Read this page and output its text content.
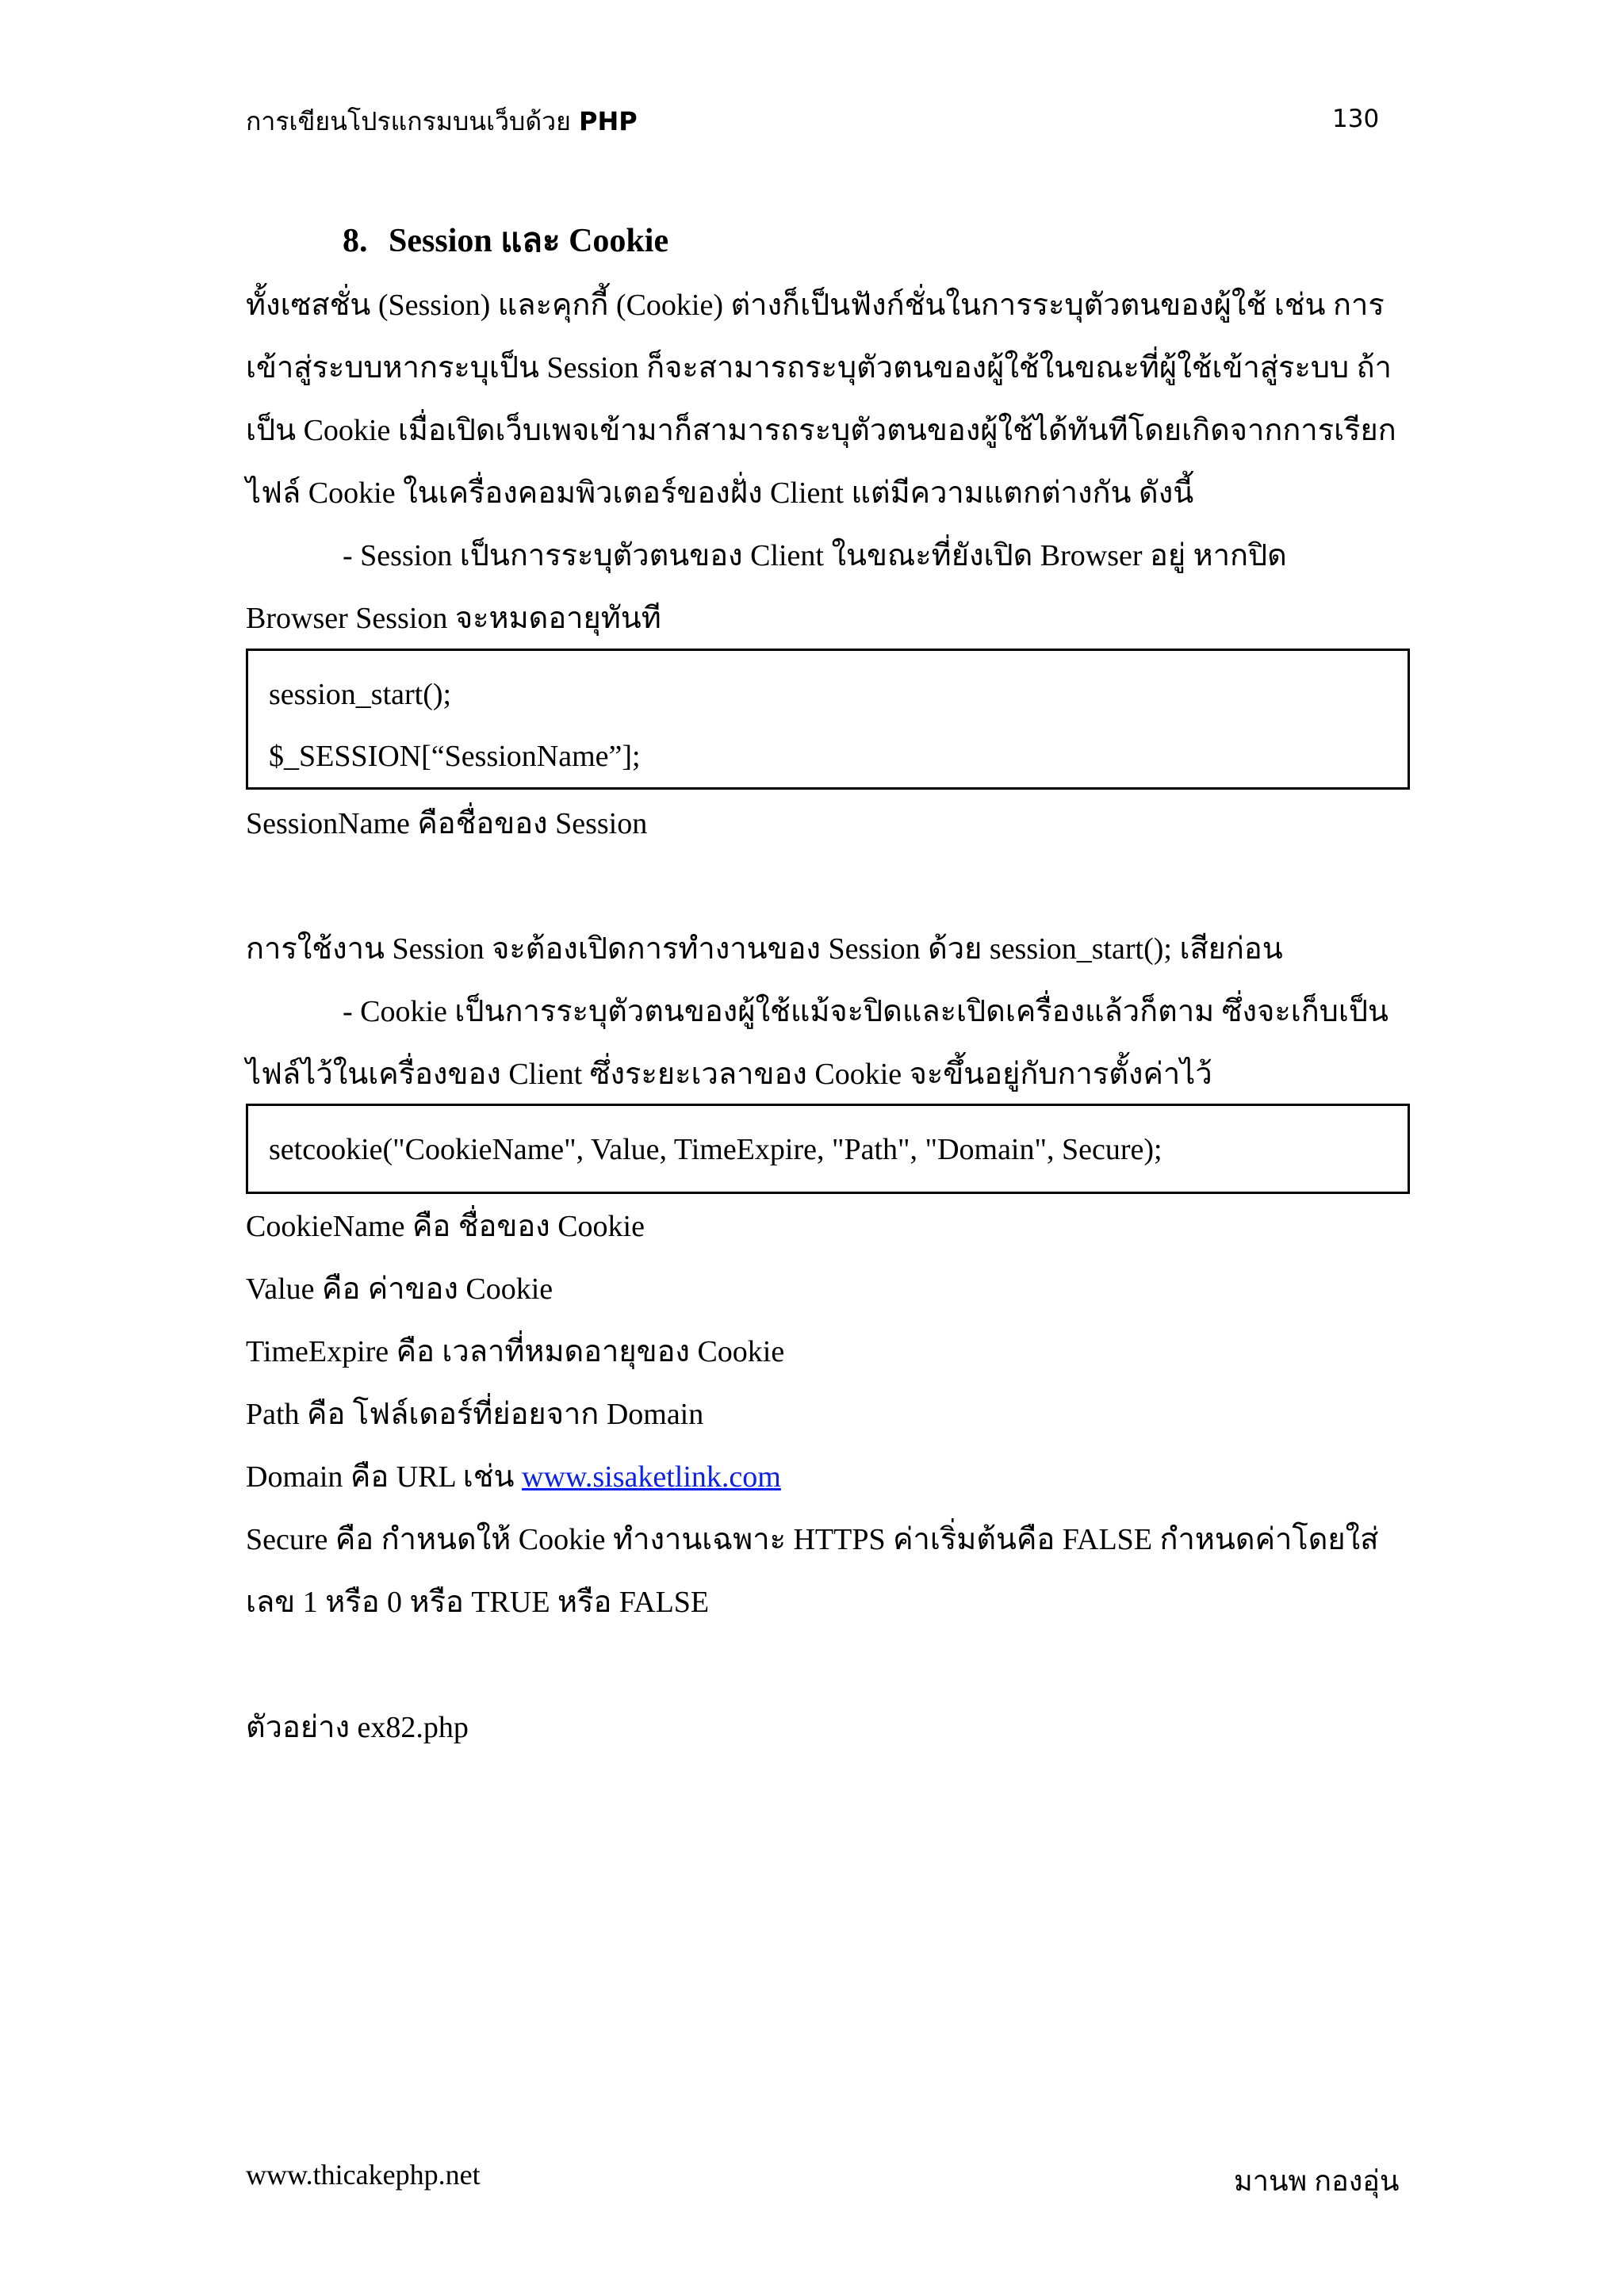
การเขียนโปรแกรมบนเว็บด้วย PHP	130
8. Session และ Cookie
ทั้งเซสชั่น (Session) และคุกกี้ (Cookie) ต่างก็เป็นฟังก์ชั่นในการระบุตัวตนของผู้ใช้ เช่น การ
เข้าสู่ระบบหากระบุเป็น Session ก็จะสามารถระบุตัวตนของผู้ใช้ในขณะที่ผู้ใช้เข้าสู่ระบบ ถ้า
เป็น Cookie เมื่อเปิดเว็บเพจเข้ามาก็สามารถระบุตัวตนของผู้ใช้ได้ทันทีโดยเกิดจากการเรียก
ไฟล์ Cookie ในเครื่องคอมพิวเตอร์ของฝั่ง Client แต่มีความแตกต่างกัน ดังนี้
- Session เป็นการระบุตัวตนของ Client ในขณะที่ยังเปิด Browser อยู่ หากปิด
Browser Session จะหมดอายุทันที
session_start();
$_SESSION[“SessionName”];
SessionName คือชื่อของ Session
การใช้งาน Session จะต้องเปิดการทำงานของ Session ด้วย session_start(); เสียก่อน
- Cookie เป็นการระบุตัวตนของผู้ใช้แม้จะปิดและเปิดเครื่องแล้วก็ตาม ซึ่งจะเก็บเป็น
ไฟล์ไว้ในเครื่องของ Client ซึ่งระยะเวลาของ Cookie จะขึ้นอยู่กับการตั้งค่าไว้
setcookie("CookieName", Value, TimeExpire, "Path", "Domain", Secure);
CookieName คือ ชื่อของ Cookie
Value คือ ค่าของ Cookie
TimeExpire คือ เวลาที่หมดอายุของ Cookie
Path คือ โฟล์เดอร์ที่ย่อยจาก Domain
Domain คือ URL เช่น www.sisaketlink.com
Secure คือ กำหนดให้ Cookie ทำงานเฉพาะ HTTPS ค่าเริ่มต้นคือ FALSE กำหนดค่าโดยใส่
เลข 1 หรือ 0 หรือ TRUE หรือ FALSE
ตัวอย่าง ex82.php
www.thicakephp.net	มานพ กองอุ่น
